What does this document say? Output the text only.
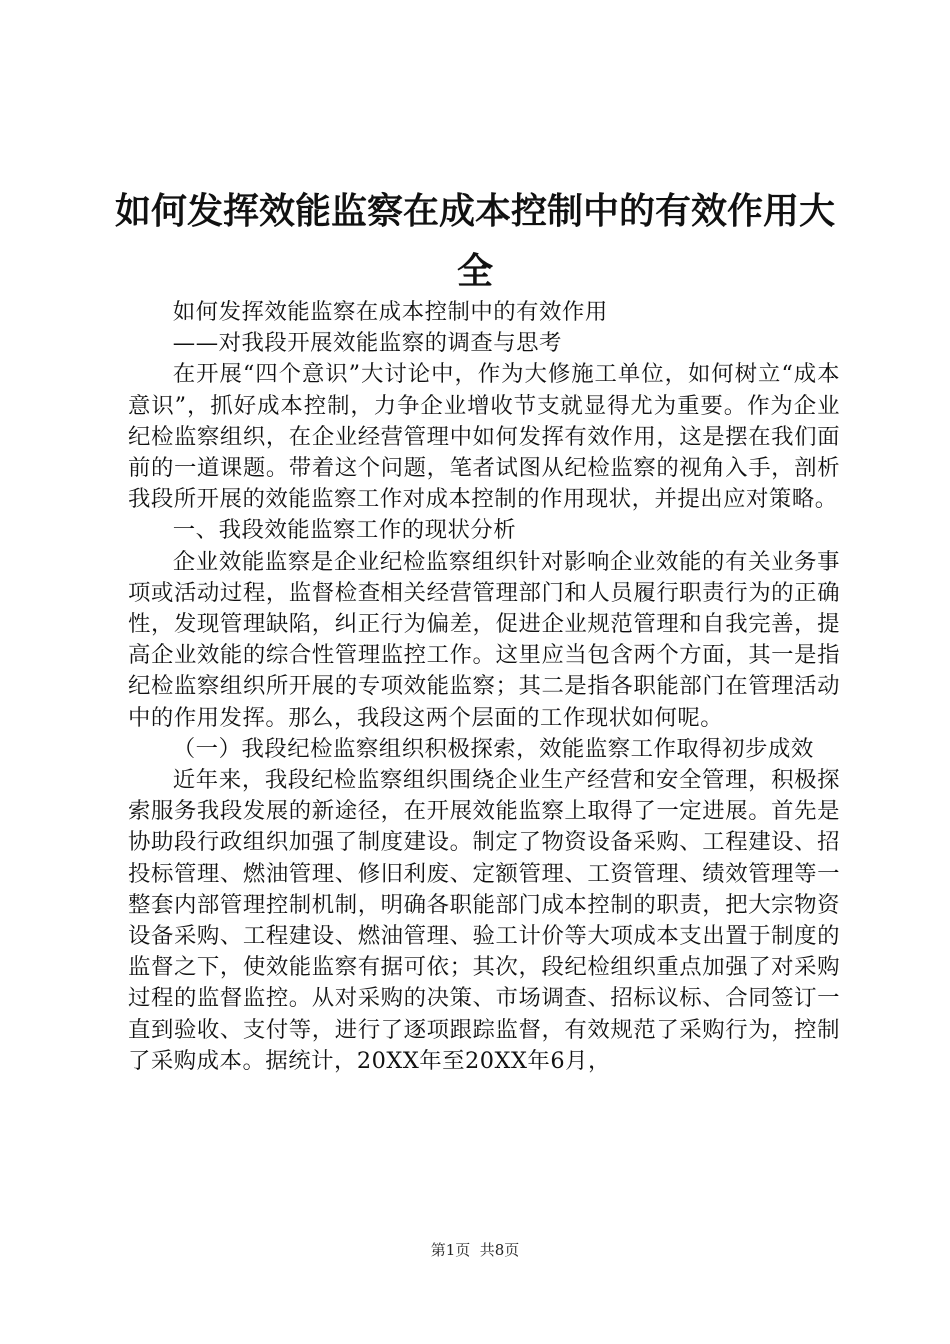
如何发挥效能监察在成本控制中的有效作用大全

如何发挥效能监察在成本控制中的有效作用

——对我段开展效能监察的调查与思考

在开展“四个意识”大讨论中，作为大修施工单位，如何树立“成本意识”，抓好成本控制，力争企业增收节支就显得尤为重要。作为企业纪检监察组织，在企业经营管理中如何发挥有效作用，这是摆在我们面前的一道课题。带着这个问题，笔者试图从纪检监察的视角入手，剖析我段所开展的效能监察工作对成本控制的作用现状，并提出应对策略。

一、我段效能监察工作的现状分析

企业效能监察是企业纪检监察组织针对影响企业效能的有关业务事项或活动过程，监督检查相关经营管理部门和人员履行职责行为的正确性，发现管理缺陷，纠正行为偏差，促进企业规范管理和自我完善，提高企业效能的综合性管理监控工作。这里应当包含两个方面，其一是指纪检监察组织所开展的专项效能监察；其二是指各职能部门在管理活动中的作用发挥。那么，我段这两个层面的工作现状如何呢。

（一）我段纪检监察组织积极探索，效能监察工作取得初步成效

近年来，我段纪检监察组织围绕企业生产经营和安全管理，积极探索服务我段发展的新途径，在开展效能监察上取得了一定进展。首先是协助段行政组织加强了制度建设。制定了物资设备采购、工程建设、招投标管理、燃油管理、修旧利废、定额管理、工资管理、绩效管理等一整套内部管理控制机制，明确各职能部门成本控制的职责，把大宗物资设备采购、工程建设、燃油管理、验工计价等大项成本支出置于制度的监督之下，使效能监察有据可依；其次，段纪检组织重点加强了对采购过程的监督监控。从对采购的决策、市场调查、招标议标、合同签订一直到验收、支付等，进行了逐项跟踪监督，有效规范了采购行为，控制了采购成本。据统计，20XX年至20XX年6月，

第1页  共8页
